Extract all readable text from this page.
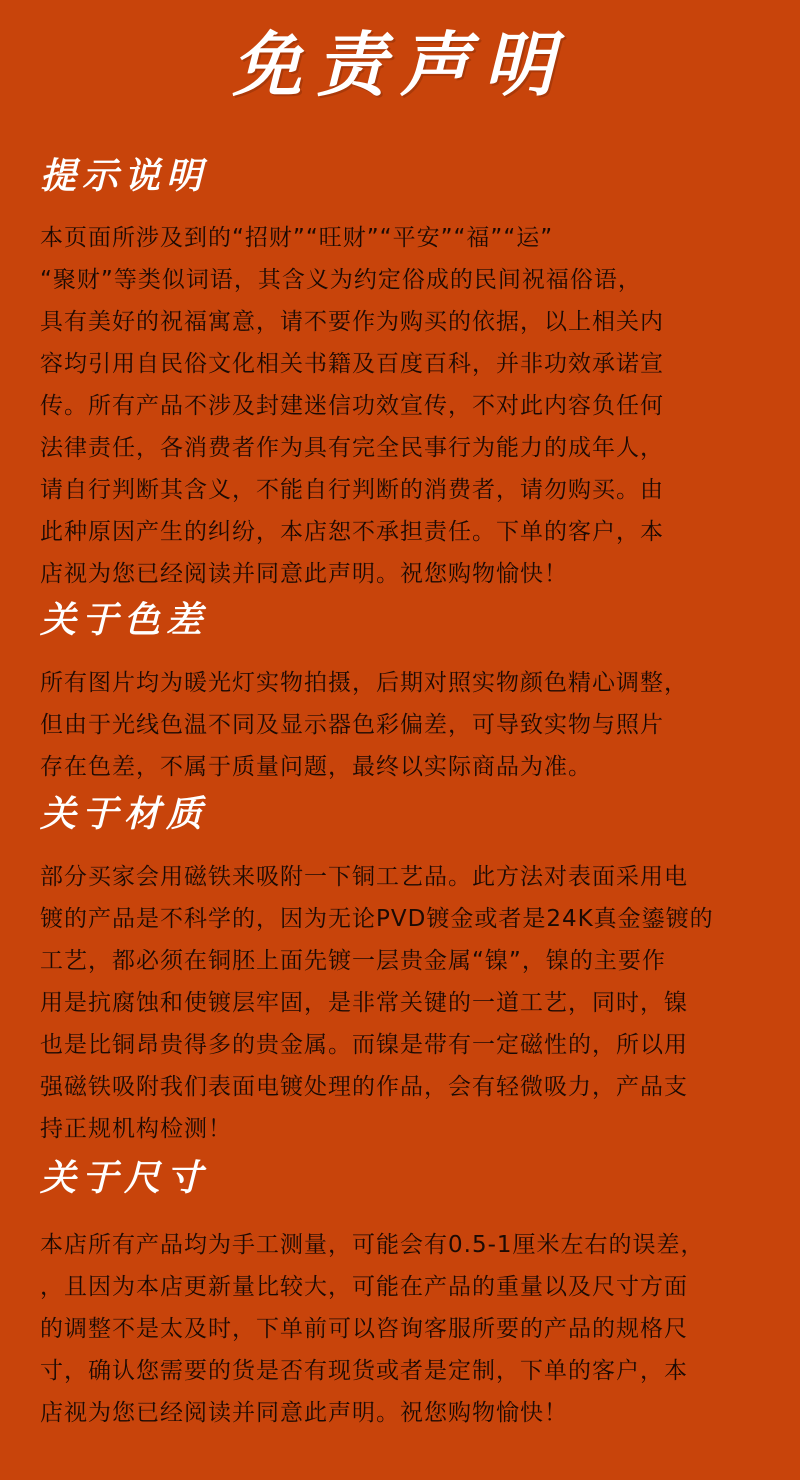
免责声明
提示说明
本页面所涉及到的“招财”“旺财”“平安”“福”“运”
“聚财”等类似词语，其含义为约定俗成的民间祝福俗语，
具有美好的祝福寓意，请不要作为购买的依据，以上相关内
容均引用自民俗文化相关书籍及百度百科，并非功效承诺宣
传。所有产品不涉及封建迷信功效宣传，不对此内容负任何
法律责任，各消费者作为具有完全民事行为能力的成年人，
请自行判断其含义，不能自行判断的消费者，请勿购买。由
此种原因产生的纠纷，本店恕不承担责任。下单的客户，本
店视为您已经阅读并同意此声明。祝您购物愉快！
关于色差
所有图片均为暖光灯实物拍摄，后期对照实物颜色精心调整，
但由于光线色温不同及显示器色彩偏差，可导致实物与照片
存在色差，不属于质量问题，最终以实际商品为准。
关于材质
部分买家会用磁铁来吸附一下铜工艺品。此方法对表面采用电
镀的产品是不科学的，因为无论PVD镀金或者是24K真金鎏镀的
工艺，都必须在铜胚上面先镀一层贵金属“镍”，镍的主要作
用是抗腐蚀和使镀层牢固，是非常关键的一道工艺，同时，镍
也是比铜昂贵得多的贵金属。而镍是带有一定磁性的，所以用
强磁铁吸附我们表面电镀处理的作品，会有轻微吸力，产品支
持正规机构检测！
关于尺寸
本店所有产品均为手工测量，可能会有0.5-1厘米左右的误差，
，且因为本店更新量比较大，可能在产品的重量以及尺寸方面
的调整不是太及时，下单前可以咨询客服所要的产品的规格尺
寸，确认您需要的货是否有现货或者是定制，下单的客户，本
店视为您已经阅读并同意此声明。祝您购物愉快！
